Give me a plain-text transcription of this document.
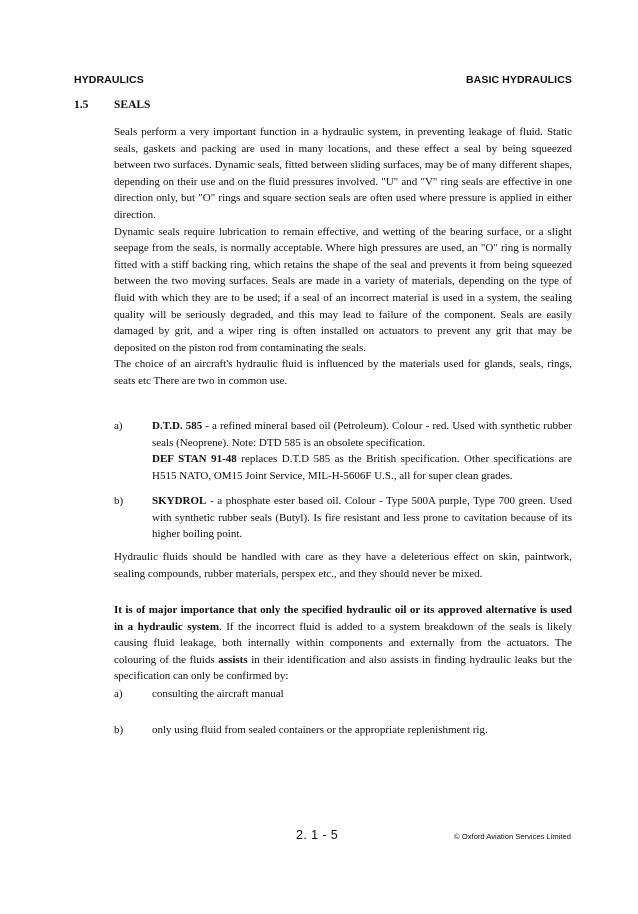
HYDRAULICS	BASIC HYDRAULICS
1.5 SEALS

Seals perform a very important function in a hydraulic system, in preventing leakage of fluid. Static seals, gaskets and packing are used in many locations, and these effect a seal by being squeezed between two surfaces. Dynamic seals, fitted between sliding surfaces, may be of many different shapes, depending on their use and on the fluid pressures involved. "U" and "V" ring seals are effective in one direction only, but "O" rings and square section seals are often used where pressure is applied in either direction.

Dynamic seals require lubrication to remain effective, and wetting of the bearing surface, or a slight seepage from the seals, is normally acceptable. Where high pressures are used, an "O" ring is normally fitted with a stiff backing ring, which retains the shape of the seal and prevents it from being squeezed between the two moving surfaces. Seals are made in a variety of materials, depending on the type of fluid with which they are to be used; if a seal of an incorrect material is used in a system, the sealing quality will be seriously degraded, and this may lead to failure of the component. Seals are easily damaged by grit, and a wiper ring is often installed on actuators to prevent any grit that may be deposited on the piston rod from contaminating the seals.

The choice of an aircraft's hydraulic fluid is influenced by the materials used for glands, seals, rings, seats etc There are two in common use.

a)	D.T.D. 585 - a refined mineral based oil (Petroleum). Colour - red. Used with synthetic rubber seals (Neoprene). Note: DTD 585 is an obsolete specification.

DEF STAN 91-48 replaces D.T.D 585 as the British specification. Other specifications are H515 NATO, OM15 Joint Service, MIL-H-5606F U.S., all for super clean grades.

b)	SKYDROL - a phosphate ester based oil. Colour - Type 500A purple, Type 700 green. Used with synthetic rubber seals (Butyl). Is fire resistant and less prone to cavitation because of its higher boiling point.

Hydraulic fluids should be handled with care as they have a deleterious effect on skin, paintwork, sealing compounds, rubber materials, perspex etc., and they should never be mixed.

It is of major importance that only the specified hydraulic oil or its approved alternative is used in a hydraulic system. If the incorrect fluid is added to a system breakdown of the seals is likely causing fluid leakage, both internally within components and externally from the actuators. The colouring of the fluids assists in their identification and also assists in finding hydraulic leaks but the specification can only be confirmed by:

a)	consulting the aircraft manual

b)	only using fluid from sealed containers or the appropriate replenishment rig.

2. 1 - 5	© Oxford Aviation Services Limited
